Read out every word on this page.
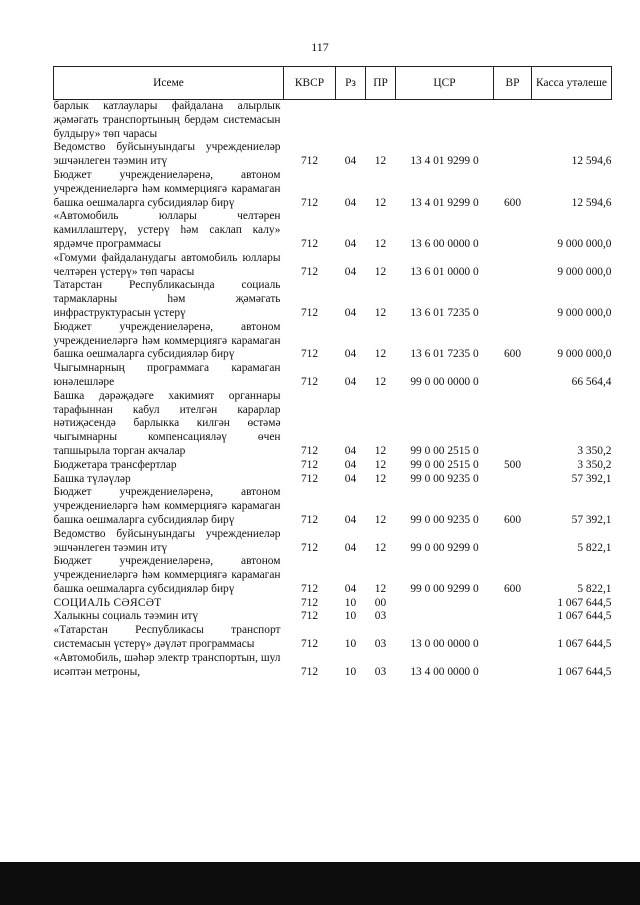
117
Исеме	КВСР	Рз	ПР	ЦСР	ВР	Касса утәлеше
барлык катлаулары файдалана алырлык җәмәгать транспортының бердәм системасын булдыру» төп чарасы						
Ведомство буйсынуындагы учреждениеләр эшчәнлеген тәэмин итү	712	04	12	13 4 01 9299 0		12 594,6
Бюджет учреждениеләренә, автоном учреждениеләргә һәм коммерциягә карамаган башка оешмаларга субсидияләр бирү	712	04	12	13 4 01 9299 0	600	12 594,6
«Автомобиль юллары челтәрен камиллаштерү, устерү һәм саклап калу» ярдәмче программасы	712	04	12	13 6 00 0000 0		9 000 000,0
«Гомуми файдаланудагы автомобиль юллары челтәрен үстерү» төп чарасы	712	04	12	13 6 01 0000 0		9 000 000,0
Татарстан Республикасында социаль тармакларны һәм җәмәгать инфраструктурасын үстерү	712	04	12	13 6 01 7235 0		9 000 000,0
Бюджет учреждениеләренә, автоном учреждениеләргә һәм коммерциягә карамаган башка оешмаларга субсидияләр бирү	712	04	12	13 6 01 7235 0	600	9 000 000,0
Чыгымнарның программага карамаган юнәлешләре	712	04	12	99 0 00 0000 0		66 564,4
Башка дәрәҗәдәге хакимият органнары тарафыннан кабул ителгән карарлар нәтиҗәсендә барлыкка килгән өстәмә чыгымнарны компенсацияләү өчен тапшырыла торган акчалар	712	04	12	99 0 00 2515 0		3 350,2
Бюджетара трансфертлар	712	04	12	99 0 00 2515 0	500	3 350,2
Башка түләүләр	712	04	12	99 0 00 9235 0		57 392,1
Бюджет учреждениеләренә, автоном учреждениеләргә һәм коммерциягә карамаган башка оешмаларга субсидияләр бирү	712	04	12	99 0 00 9235 0	600	57 392,1
Ведомство буйсынуындагы учреждениеләр эшчәнлеген тәэмин итү	712	04	12	99 0 00 9299 0		5 822,1
Бюджет учреждениеләренә, автоном учреждениеләргә һәм коммерциягә карамаган башка оешмаларга субсидияләр бирү	712	04	12	99 0 00 9299 0	600	5 822,1
СОЦИАЛЬ СӘЯСӘТ	712	10	00			1 067 644,5
Халыкны социаль тәэмин итү	712	10	03			1 067 644,5
«Татарстан Республикасы транспорт системасын үстерү» дәүләт программасы	712	10	03	13 0 00 0000 0		1 067 644,5
«Автомобиль, шәһәр электр транспортын, шул исәптән метроны,	712	10	03	13 4 00 0000 0		1 067 644,5
